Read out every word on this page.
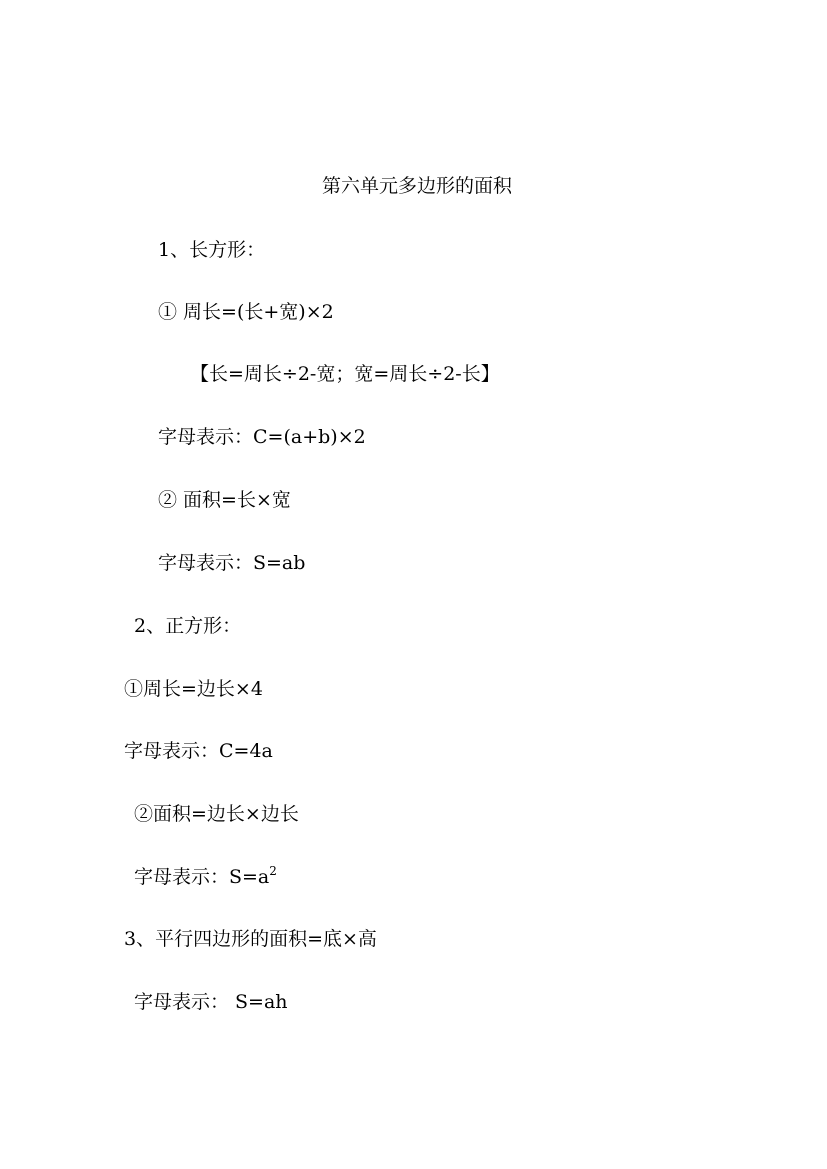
第六单元多边形的面积
1、长方形：
① 周长=(长+宽)×2
【长=周长÷2-宽；宽=周长÷2-长】
字母表示：C=(a+b)×2
② 面积=长×宽
字母表示：S=ab
2、正方形：
①周长=边长×4
字母表示：C=4a
②面积=边长×边长
字母表示：$S=a^2$
3、平行四边形的面积=底×高
字母表示： S=ah
